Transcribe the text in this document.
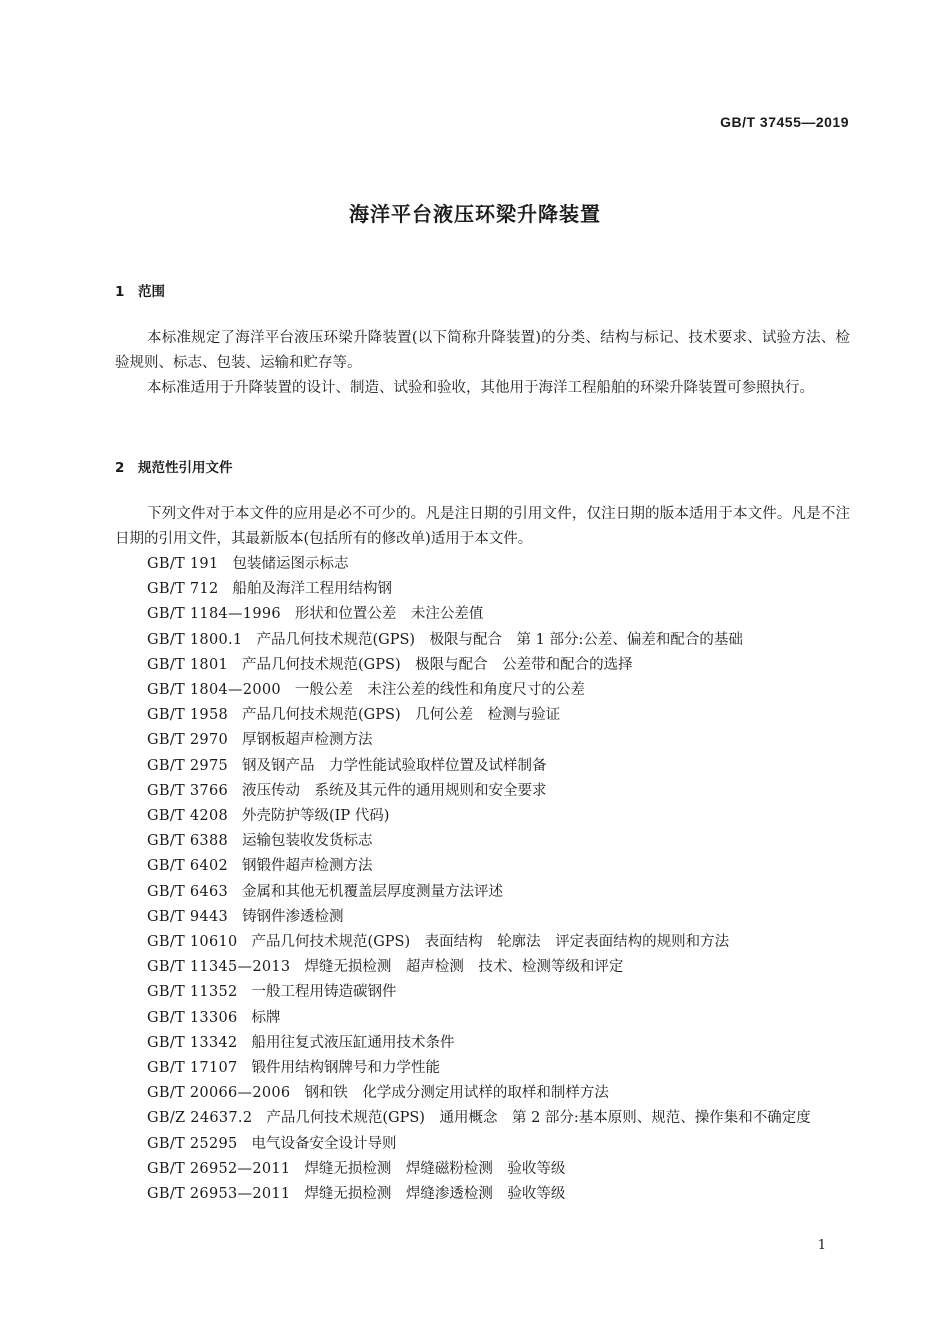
GB/T 37455—2019
海洋平台液压环梁升降装置
1 范围

本标准规定了海洋平台液压环梁升降装置(以下简称升降装置)的分类、结构与标记、技术要求、试验方法、检验规则、标志、包装、运输和贮存等。

本标准适用于升降装置的设计、制造、试验和验收，其他用于海洋工程船舶的环梁升降装置可参照执行。

2 规范性引用文件

下列文件对于本文件的应用是必不可少的。凡是注日期的引用文件，仅注日期的版本适用于本文件。凡是不注日期的引用文件，其最新版本(包括所有的修改单)适用于本文件。

GB/T 191 包装储运图示标志
GB/T 712 船舶及海洋工程用结构钢
GB/T 1184—1996 形状和位置公差　未注公差值
GB/T 1800.1 产品几何技术规范(GPS)　极限与配合　第 1 部分:公差、偏差和配合的基础
GB/T 1801 产品几何技术规范(GPS)　极限与配合　公差带和配合的选择
GB/T 1804—2000 一般公差　未注公差的线性和角度尺寸的公差
GB/T 1958 产品几何技术规范(GPS)　几何公差　检测与验证
GB/T 2970 厚钢板超声检测方法
GB/T 2975 钢及钢产品　力学性能试验取样位置及试样制备
GB/T 3766 液压传动　系统及其元件的通用规则和安全要求
GB/T 4208 外壳防护等级(IP 代码)
GB/T 6388 运输包装收发货标志
GB/T 6402 钢锻件超声检测方法
GB/T 6463 金属和其他无机覆盖层厚度测量方法评述
GB/T 9443 铸钢件渗透检测
GB/T 10610 产品几何技术规范(GPS)　表面结构　轮廓法　评定表面结构的规则和方法
GB/T 11345—2013 焊缝无损检测　超声检测　技术、检测等级和评定
GB/T 11352 一般工程用铸造碳钢件
GB/T 13306 标牌
GB/T 13342 船用往复式液压缸通用技术条件
GB/T 17107 锻件用结构钢牌号和力学性能
GB/T 20066—2006 钢和铁　化学成分测定用试样的取样和制样方法
GB/Z 24637.2 产品几何技术规范(GPS)　通用概念　第 2 部分:基本原则、规范、操作集和不确定度
GB/T 25295 电气设备安全设计导则
GB/T 26952—2011 焊缝无损检测　焊缝磁粉检测　验收等级
GB/T 26953—2011 焊缝无损检测　焊缝渗透检测　验收等级
1
